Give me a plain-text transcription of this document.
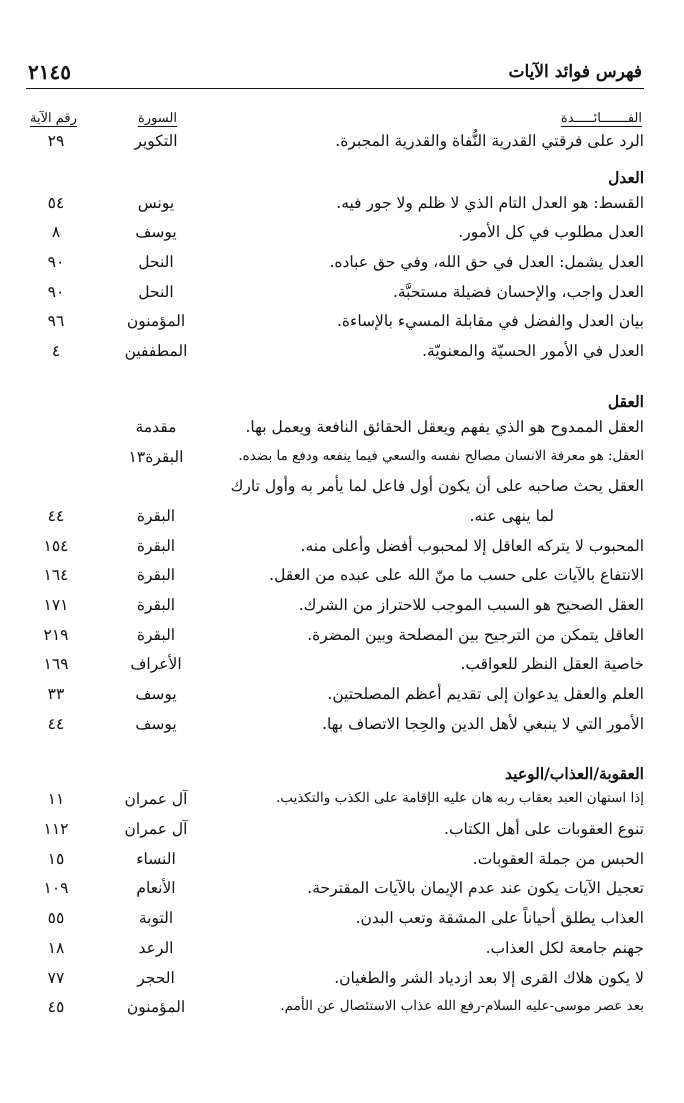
فهرس فوائد الآيات
٢١٤٥
الفـــــــائـــــدة
السورة
رقم الآية
الرد على فرقتي القدرية النُّفاة والقدرية المجبرة.
التكوير
٢٩
العدل
القسط: هو العدل التام الذي لا ظلم ولا جور فيه.
يونس
٥٤
العدل مطلوب في كل الأمور.
يوسف
٨
العدل يشمل: العدل في حق الله، وفي حق عباده.
النحل
٩٠
العدل واجب، والإحسان فضيلة مستحبَّة.
النحل
٩٠
بيان العدل والفضل في مقابلة المسيء بالإساءة.
المؤمنون
٩٦
العدل في الأمور الحسيّة والمعنويّة.
المطففين
٤
العقل
العقل الممدوح هو الذي يفهم ويعقل الحقائق النافعة ويعمل بها.
مقدمة
العقل: هو معرفة الانسان مصالح نفسه والسعي فيما ينفعه ودفع ما بضده.
البقرة١٣
العقل يحث صاحبه على أن يكون أول فاعل لما يأمر به وأول تارك
لما ينهى عنه.
البقرة
٤٤
المحبوب لا يتركه العاقل إلا لمحبوب أفضل وأعلى منه.
البقرة
١٥٤
الانتفاع بالآيات على حسب ما منّ الله على عبده من العقل.
البقرة
١٦٤
العقل الصحيح هو السبب الموجب للاحتراز من الشرك.
البقرة
١٧١
العاقل يتمكن من الترجيح بين المصلحة وبين المضرة.
البقرة
٢١٩
خاصية العقل النظر للعواقب.
الأعراف
١٦٩
العلم والعقل يدعوان إلى تقديم أعظم المصلحتين.
يوسف
٣٣
الأمور التي لا ينبغي لأهل الدين والحِجا الاتصاف بها.
يوسف
٤٤
العقوبة/العذاب/الوعيد
إذا استهان العبد بعقاب ربه هان عليه الإقامة على الكذب والتكذيب.
آل عمران
١١
تنوع العقوبات على أهل الكتاب.
آل عمران
١١٢
الحبس من جملة العقوبات.
النساء
١٥
تعجيل الآيات يكون عند عدم الإيمان بالآيات المقترحة.
الأنعام
١٠٩
العذاب يطلق أحياناً على المشقة وتعب البدن.
التوبة
٥٥
جهنم جامعة لكل العذاب.
الرعد
١٨
لا يكون هلاك القرى إلا بعد ازدياد الشر والطغيان.
الحجر
٧٧
بعد عصر موسى-عليه السلام-رفع الله عذاب الاستئصال عن الأمم.
المؤمنون
٤٥
